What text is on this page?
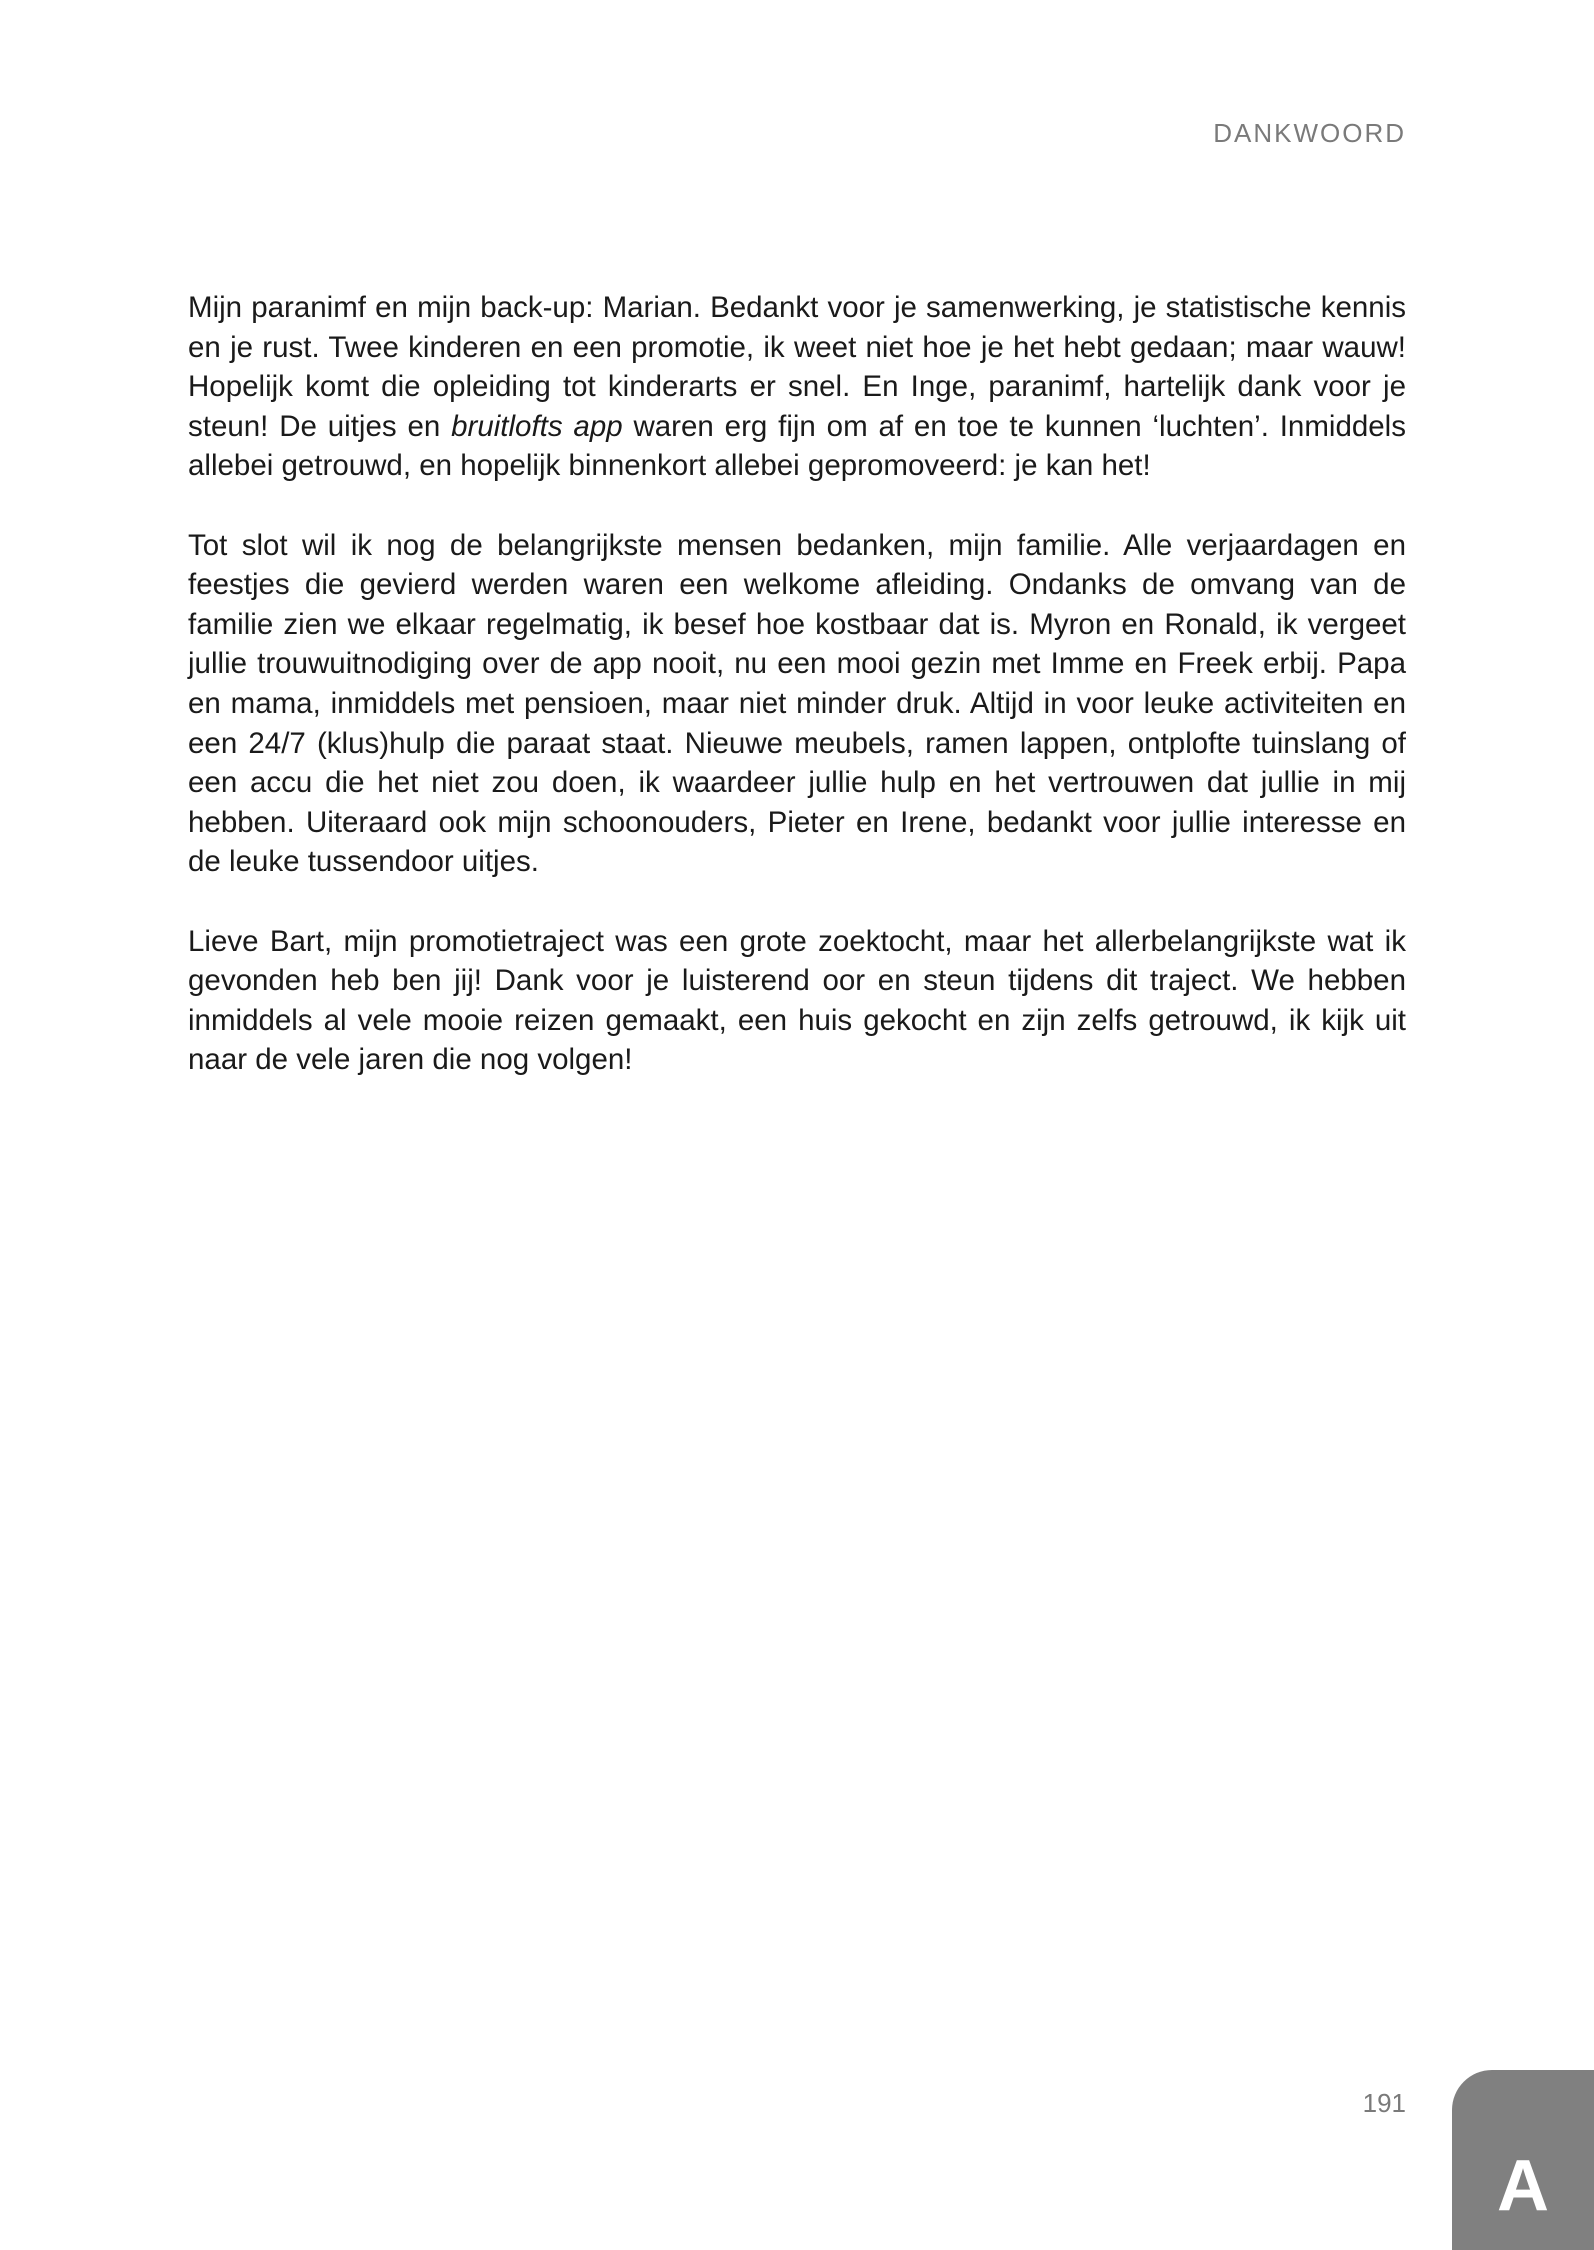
DANKWOORD

Mijn paranimf en mijn back-up: Marian. Bedankt voor je samenwerking, je statistische kennis en je rust. Twee kinderen en een promotie, ik weet niet hoe je het hebt gedaan; maar wauw! Hopelijk komt die opleiding tot kinderarts er snel. En Inge, paranimf, hartelijk dank voor je steun! De uitjes en bruitlofts app waren erg fijn om af en toe te kunnen ‘luchten’. Inmiddels allebei getrouwd, en hopelijk binnenkort allebei gepromoveerd: je kan het!

Tot slot wil ik nog de belangrijkste mensen bedanken, mijn familie. Alle verjaardagen en feestjes die gevierd werden waren een welkome afleiding. Ondanks de omvang van de familie zien we elkaar regelmatig, ik besef hoe kostbaar dat is. Myron en Ronald, ik vergeet jullie trouwuitnodiging over de app nooit, nu een mooi gezin met Imme en Freek erbij. Papa en mama, inmiddels met pensioen, maar niet minder druk. Altijd in voor leuke activiteiten en een 24/7 (klus)hulp die paraat staat. Nieuwe meubels, ramen lappen, ontplofte tuinslang of een accu die het niet zou doen, ik waardeer jullie hulp en het vertrouwen dat jullie in mij hebben. Uiteraard ook mijn schoonouders, Pieter en Irene, bedankt voor jullie interesse en de leuke tussendoor uitjes.

Lieve Bart, mijn promotietraject was een grote zoektocht, maar het allerbelangrijkste wat ik gevonden heb ben jij! Dank voor je luisterend oor en steun tijdens dit traject. We hebben inmiddels al vele mooie reizen gemaakt, een huis gekocht en zijn zelfs getrouwd, ik kijk uit naar de vele jaren die nog volgen!

191
A
